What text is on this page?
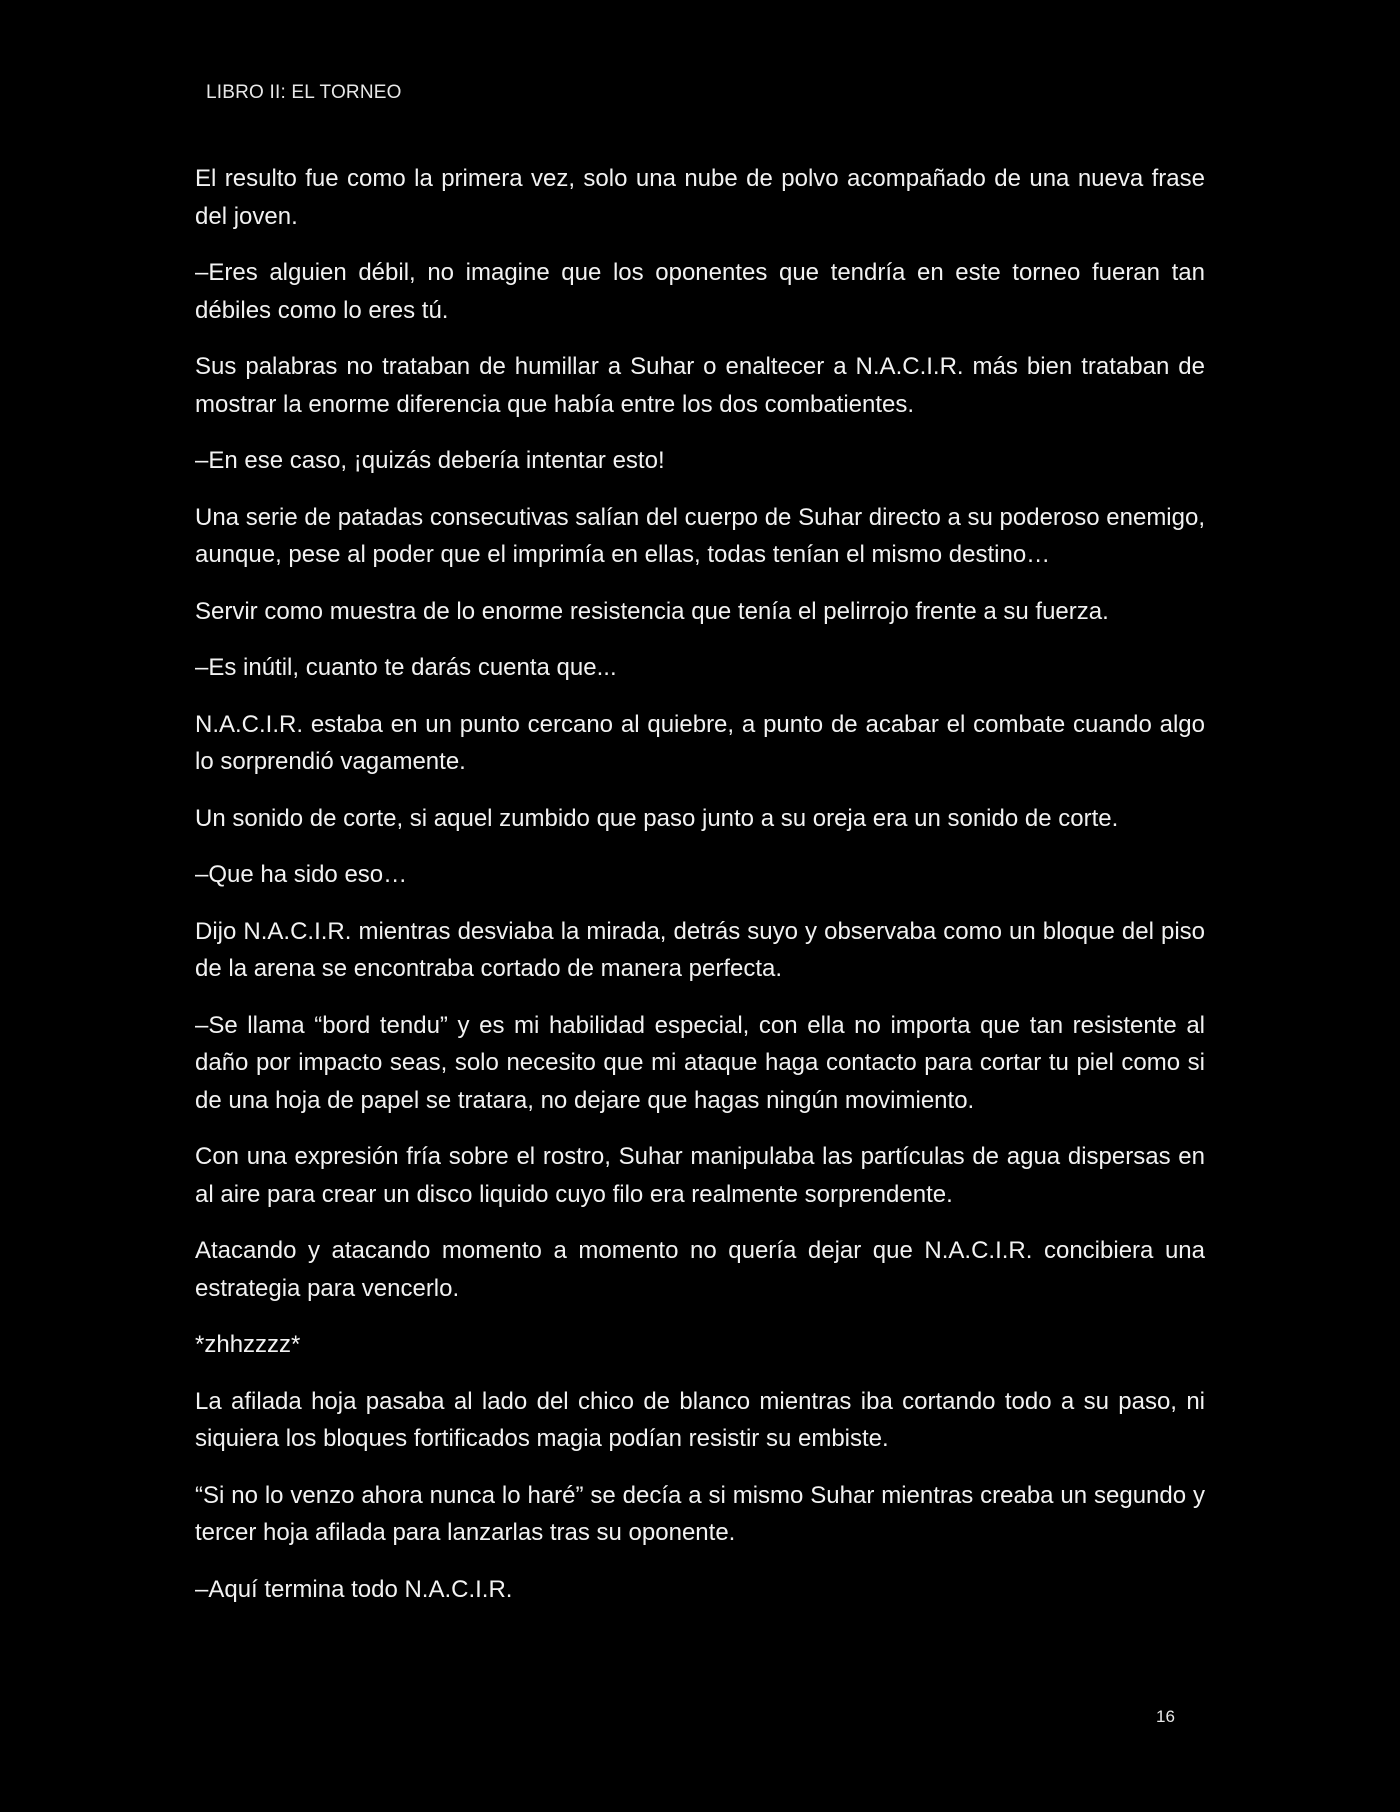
LIBRO II: EL TORNEO

El resulto fue como la primera vez, solo una nube de polvo acompañado de una nueva frase del joven.

–Eres alguien débil, no imagine que los oponentes que tendría en este torneo fueran tan débiles como lo eres tú.

Sus palabras no trataban de humillar a Suhar o enaltecer a N.A.C.I.R. más bien trataban de mostrar la enorme diferencia que había entre los dos combatientes.

–En ese caso, ¡quizás debería intentar esto!

Una serie de patadas consecutivas salían del cuerpo de Suhar directo a su poderoso enemigo, aunque, pese al poder que el imprimía en ellas, todas tenían el mismo destino…

Servir como muestra de lo enorme resistencia que tenía el pelirrojo frente a su fuerza.

–Es inútil, cuanto te darás cuenta que...

N.A.C.I.R. estaba en un punto cercano al quiebre, a punto de acabar el combate cuando algo lo sorprendió vagamente.

Un sonido de corte, si aquel zumbido que paso junto a su oreja era un sonido de corte.

–Que ha sido eso…

Dijo N.A.C.I.R. mientras desviaba la mirada, detrás suyo y observaba como un bloque del piso de la arena se encontraba cortado de manera perfecta.

–Se llama “bord tendu” y es mi habilidad especial, con ella no importa que tan resistente al daño por impacto seas, solo necesito que mi ataque haga contacto para cortar tu piel como si de una hoja de papel se tratara, no dejare que hagas ningún movimiento.

Con una expresión fría sobre el rostro, Suhar manipulaba las partículas de agua dispersas en al aire para crear un disco liquido cuyo filo era realmente sorprendente.

Atacando y atacando momento a momento no quería dejar que N.A.C.I.R. concibiera una estrategia para vencerlo.

*zhhzzzz*

La afilada hoja pasaba al lado del chico de blanco mientras iba cortando todo a su paso, ni siquiera los bloques fortificados magia podían resistir su embiste.

“Si no lo venzo ahora nunca lo haré” se decía a si mismo Suhar mientras creaba un segundo y tercer hoja afilada para lanzarlas tras su oponente.

–Aquí termina todo N.A.C.I.R.

16
